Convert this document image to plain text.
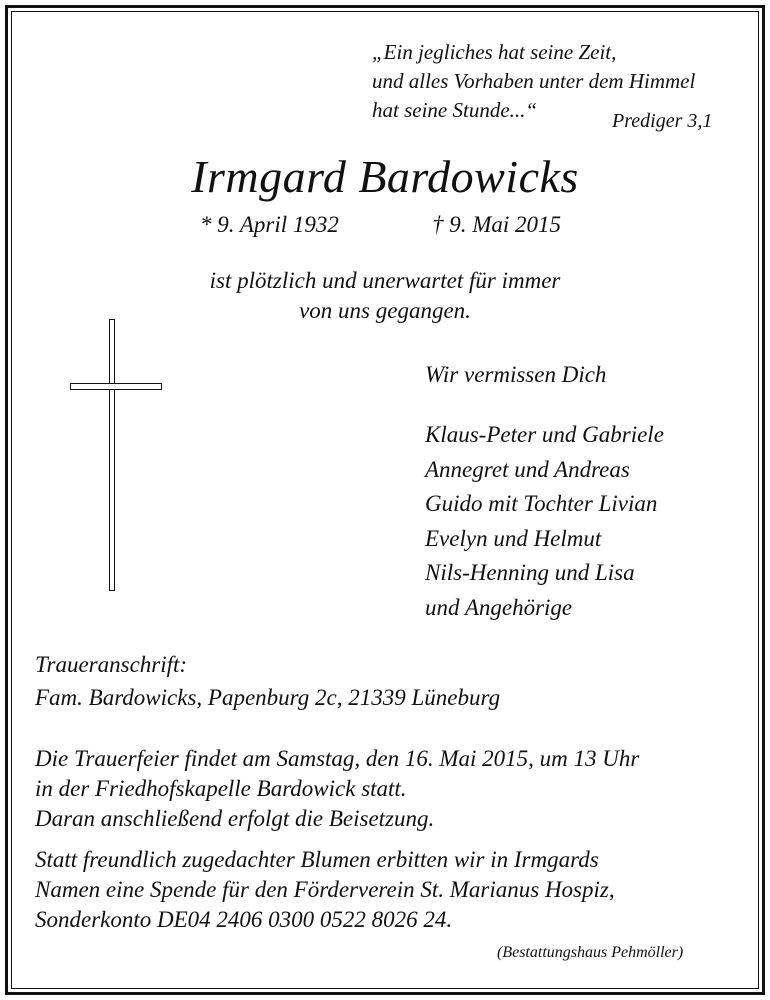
„Ein jegliches hat seine Zeit,
und alles Vorhaben unter dem Himmel
hat seine Stunde...“	Prediger 3,1
Irmgard Bardowicks
* 9. April 1932	† 9. Mai 2015
ist plötzlich und unerwartet für immer
von uns gegangen.
Wir vermissen Dich
Klaus-Peter und Gabriele
Annegret und Andreas
Guido mit Tochter Livian
Evelyn und Helmut
Nils-Henning und Lisa
und Angehörige
Traueranschrift:
Fam. Bardowicks, Papenburg 2c, 21339 Lüneburg
Die Trauerfeier findet am Samstag, den 16. Mai 2015, um 13 Uhr
in der Friedhofskapelle Bardowick statt.
Daran anschließend erfolgt die Beisetzung.
Statt freundlich zugedachter Blumen erbitten wir in Irmgards
Namen eine Spende für den Förderverein St. Marianus Hospiz,
Sonderkonto DE04 2406 0300 0522 8026 24.
(Bestattungshaus Pehmöller)
